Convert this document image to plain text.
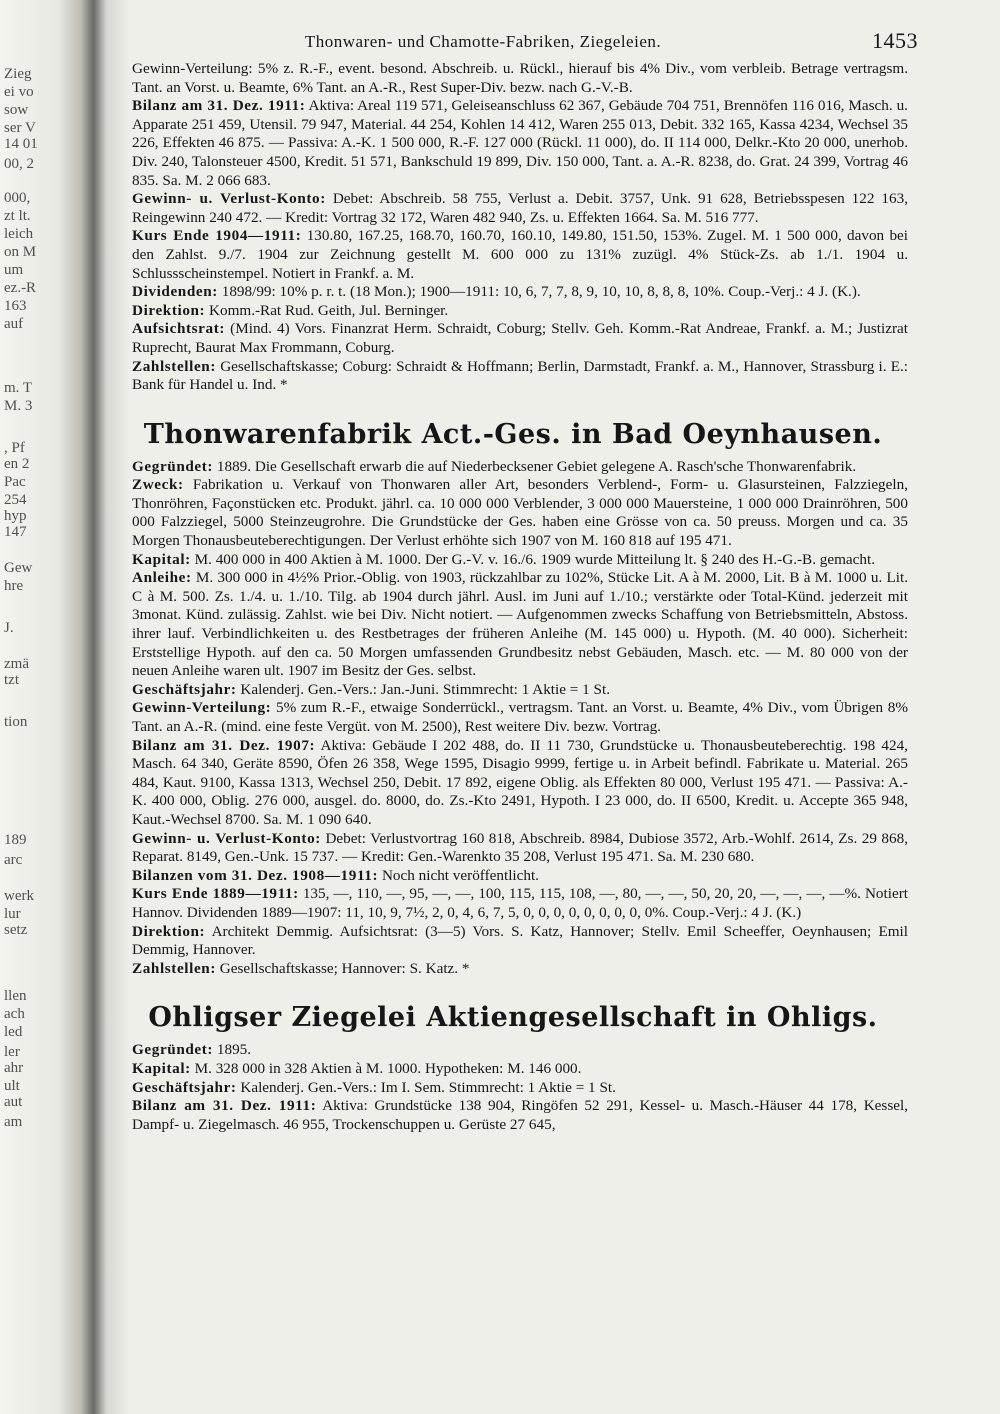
Zieg
ei vo
sow
ser V
14 01
00, 2
000,
zt lt.
leich
on M
um
ez.-R
163
auf
m. T
M. 3
, Pf
en 2
Pac
254
hyp
147
Gew
hre
J.
zmä
tzt
tion
189
arc
werk
lur
setz
llen
ach
led
ler
ahr
ult
aut
am
Thonwaren- und Chamotte-Fabriken, Ziegeleien.	1453

Gewinn-Verteilung: 5% z. R.-F., event. besond. Abschreib. u. Rückl., hierauf bis 4% Div., vom verbleib. Betrage vertragsm. Tant. an Vorst. u. Beamte, 6% Tant. an A.-R., Rest Super-Div. bezw. nach G.-V.-B.

Bilanz am 31. Dez. 1911: Aktiva: Areal 119 571, Geleiseanschluss 62 367, Gebäude 704 751, Brennöfen 116 016, Masch. u. Apparate 251 459, Utensil. 79 947, Material. 44 254, Kohlen 14 412, Waren 255 013, Debit. 332 165, Kassa 4234, Wechsel 35 226, Effekten 46 875. — Passiva: A.-K. 1 500 000, R.-F. 127 000 (Rückl. 11 000), do. II 114 000, Delkr.-Kto 20 000, unerhob. Div. 240, Talonsteuer 4500, Kredit. 51 571, Bankschuld 19 899, Div. 150 000, Tant. a. A.-R. 8238, do. Grat. 24 399, Vortrag 46 835. Sa. M. 2 066 683.

Gewinn- u. Verlust-Konto: Debet: Abschreib. 58 755, Verlust a. Debit. 3757, Unk. 91 628, Betriebsspesen 122 163, Reingewinn 240 472. — Kredit: Vortrag 32 172, Waren 482 940, Zs. u. Effekten 1664. Sa. M. 516 777.

Kurs Ende 1904—1911: 130.80, 167.25, 168.70, 160.70, 160.10, 149.80, 151.50, 153%. Zugel. M. 1 500 000, davon bei den Zahlst. 9./7. 1904 zur Zeichnung gestellt M. 600 000 zu 131% zuzügl. 4% Stück-Zs. ab 1./1. 1904 u. Schlussscheinstempel. Notiert in Frankf. a. M.

Dividenden: 1898/99: 10% p. r. t. (18 Mon.); 1900—1911: 10, 6, 7, 7, 8, 9, 10, 10, 8, 8, 8, 10%. Coup.-Verj.: 4 J. (K.).

Direktion: Komm.-Rat Rud. Geith, Jul. Berninger.

Aufsichtsrat: (Mind. 4) Vors. Finanzrat Herm. Schraidt, Coburg; Stellv. Geh. Komm.-Rat Andreae, Frankf. a. M.; Justizrat Ruprecht, Baurat Max Frommann, Coburg.

Zahlstellen: Gesellschaftskasse; Coburg: Schraidt & Hoffmann; Berlin, Darmstadt, Frankf. a. M., Hannover, Strassburg i. E.: Bank für Handel u. Ind. *

Thonwarenfabrik Act.-Ges. in Bad Oeynhausen.

Gegründet: 1889. Die Gesellschaft erwarb die auf Niederbecksener Gebiet gelegene A. Rasch'sche Thonwarenfabrik.

Zweck: Fabrikation u. Verkauf von Thonwaren aller Art, besonders Verblend-, Form- u. Glasursteinen, Falzziegeln, Thonröhren, Façonstücken etc. Produkt. jährl. ca. 10 000 000 Verblender, 3 000 000 Mauersteine, 1 000 000 Drainröhren, 500 000 Falzziegel, 5000 Steinzeugrohre. Die Grundstücke der Ges. haben eine Grösse von ca. 50 preuss. Morgen und ca. 35 Morgen Thonausbeuteberechtigungen. Der Verlust erhöhte sich 1907 von M. 160 818 auf 195 471.

Kapital: M. 400 000 in 400 Aktien à M. 1000. Der G.-V. v. 16./6. 1909 wurde Mitteilung lt. § 240 des H.-G.-B. gemacht.

Anleihe: M. 300 000 in 4½% Prior.-Oblig. von 1903, rückzahlbar zu 102%, Stücke Lit. A à M. 2000, Lit. B à M. 1000 u. Lit. C à M. 500. Zs. 1./4. u. 1./10. Tilg. ab 1904 durch jährl. Ausl. im Juni auf 1./10.; verstärkte oder Total-Künd. jederzeit mit 3monat. Künd. zulässig. Zahlst. wie bei Div. Nicht notiert. — Aufgenommen zwecks Schaffung von Betriebsmitteln, Abstoss. ihrer lauf. Verbindlichkeiten u. des Restbetrages der früheren Anleihe (M. 145 000) u. Hypoth. (M. 40 000). Sicherheit: Erststellige Hypoth. auf den ca. 50 Morgen umfassenden Grundbesitz nebst Gebäuden, Masch. etc. — M. 80 000 von der neuen Anleihe waren ult. 1907 im Besitz der Ges. selbst.

Geschäftsjahr: Kalenderj. Gen.-Vers.: Jan.-Juni. Stimmrecht: 1 Aktie = 1 St.

Gewinn-Verteilung: 5% zum R.-F., etwaige Sonderrückl., vertragsm. Tant. an Vorst. u. Beamte, 4% Div., vom Übrigen 8% Tant. an A.-R. (mind. eine feste Vergüt. von M. 2500), Rest weitere Div. bezw. Vortrag.

Bilanz am 31. Dez. 1907: Aktiva: Gebäude I 202 488, do. II 11 730, Grundstücke u. Thonausbeuteberechtig. 198 424, Masch. 64 340, Geräte 8590, Öfen 26 358, Wege 1595, Disagio 9999, fertige u. in Arbeit befindl. Fabrikate u. Material. 265 484, Kaut. 9100, Kassa 1313, Wechsel 250, Debit. 17 892, eigene Oblig. als Effekten 80 000, Verlust 195 471. — Passiva: A.-K. 400 000, Oblig. 276 000, ausgel. do. 8000, do. Zs.-Kto 2491, Hypoth. I 23 000, do. II 6500, Kredit. u. Accepte 365 948, Kaut.-Wechsel 8700. Sa. M. 1 090 640.

Gewinn- u. Verlust-Konto: Debet: Verlustvortrag 160 818, Abschreib. 8984, Dubiose 3572, Arb.-Wohlf. 2614, Zs. 29 868, Reparat. 8149, Gen.-Unk. 15 737. — Kredit: Gen.-Warenkto 35 208, Verlust 195 471. Sa. M. 230 680.

Bilanzen vom 31. Dez. 1908—1911: Noch nicht veröffentlicht.

Kurs Ende 1889—1911: 135, —, 110, —, 95, —, —, 100, 115, 115, 108, —, 80, —, —, 50, 20, 20, —, —, —, —%. Notiert Hannov. Dividenden 1889—1907: 11, 10, 9, 7½, 2, 0, 4, 6, 7, 5, 0, 0, 0, 0, 0, 0, 0, 0, 0%. Coup.-Verj.: 4 J. (K.)

Direktion: Architekt Demmig. Aufsichtsrat: (3—5) Vors. S. Katz, Hannover; Stellv. Emil Scheeffer, Oeynhausen; Emil Demmig, Hannover.

Zahlstellen: Gesellschaftskasse; Hannover: S. Katz. *

Ohligser Ziegelei Aktiengesellschaft in Ohligs.

Gegründet: 1895.

Kapital: M. 328 000 in 328 Aktien à M. 1000. Hypotheken: M. 146 000.

Geschäftsjahr: Kalenderj. Gen.-Vers.: Im I. Sem. Stimmrecht: 1 Aktie = 1 St.

Bilanz am 31. Dez. 1911: Aktiva: Grundstücke 138 904, Ringöfen 52 291, Kessel- u. Masch.-Häuser 44 178, Kessel, Dampf- u. Ziegelmasch. 46 955, Trockenschuppen u. Gerüste 27 645,
